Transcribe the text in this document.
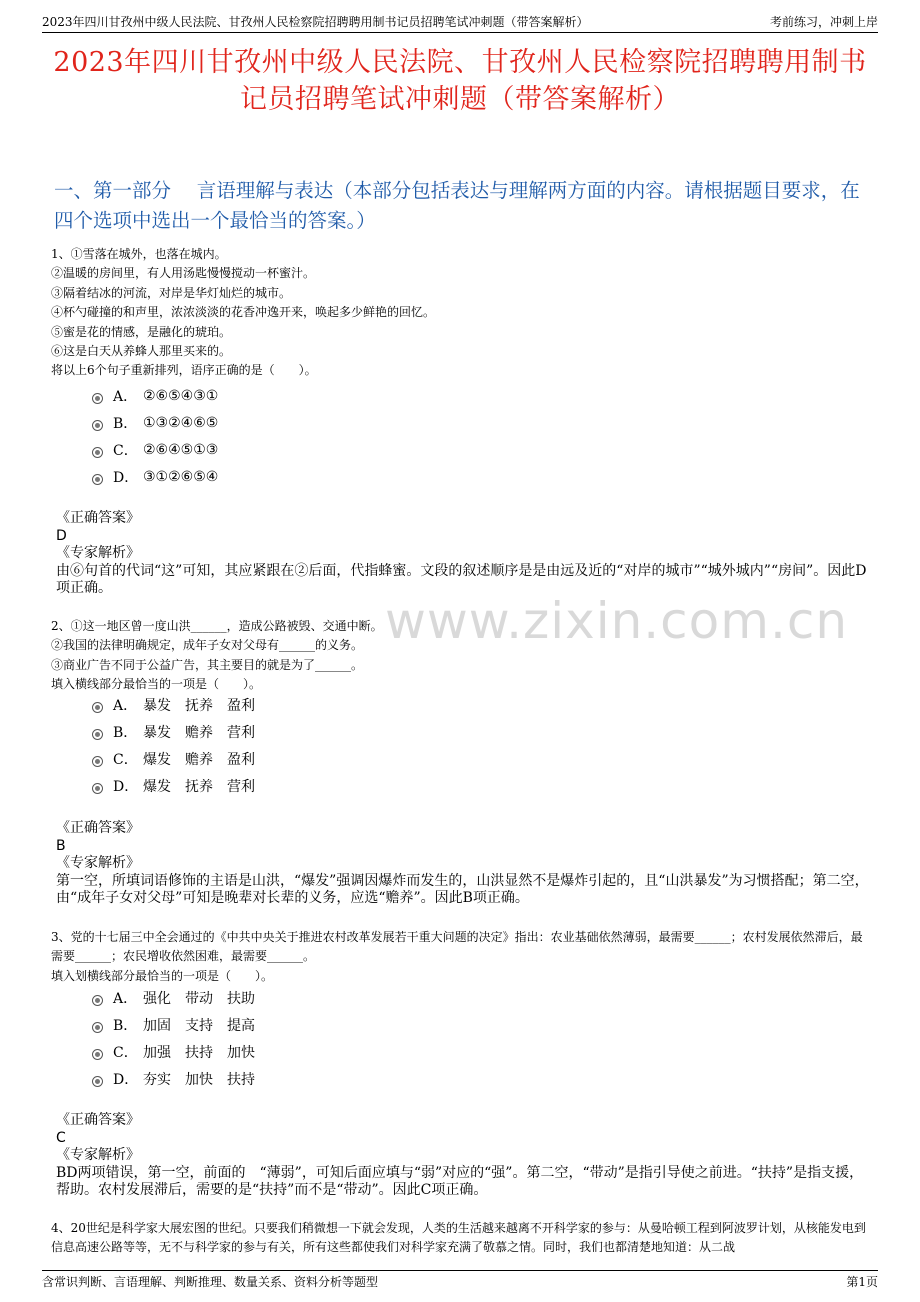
2023年四川甘孜州中级人民法院、甘孜州人民检察院招聘聘用制书记员招聘笔试冲刺题（带答案解析）	考前练习，冲刺上岸
2023年四川甘孜州中级人民法院、甘孜州人民检察院招聘聘用制书记员招聘笔试冲刺题（带答案解析）
一、第一部分　 言语理解与表达（本部分包括表达与理解两方面的内容。请根据题目要求，在四个选项中选出一个最恰当的答案。）
www.zixin.com.cn

1、①雪落在城外，也落在城内。

②温暖的房间里，有人用汤匙慢慢搅动一杯蜜汁。

③隔着结冰的河流，对岸是华灯灿烂的城市。

④杯勺碰撞的和声里，浓浓淡淡的花香冲逸开来，唤起多少鲜艳的回忆。

⑤蜜是花的情感，是融化的琥珀。

⑥这是白天从养蜂人那里买来的。

将以上6个句子重新排列，语序正确的是（　　）。

A． ②⑥⑤④③①
B． ①③②④⑥⑤
C． ②⑥④⑤①③
D． ③①②⑥⑤④

《正确答案》

D

《专家解析》

由⑥句首的代词“这”可知，其应紧跟在②后面，代指蜂蜜。文段的叙述顺序是是由远及近的“对岸的城市”“城外城内”“房间”。因此D项正确。

2、①这一地区曾一度山洪______，造成公路被毁、交通中断。

②我国的法律明确规定，成年子女对父母有______的义务。

③商业广告不同于公益广告，其主要目的就是为了______。

填入横线部分最恰当的一项是（　　）。

A． 暴发　抚养　盈利
B． 暴发　赡养　营利
C． 爆发　赡养　盈利
D． 爆发　抚养　营利

《正确答案》

B

《专家解析》

第一空，所填词语修饰的主语是山洪，“爆发”强调因爆炸而发生的，山洪显然不是爆炸引起的，且“山洪暴发”为习惯搭配；第二空，由“成年子女对父母”可知是晚辈对长辈的义务，应选“赡养”。因此B项正确。

3、党的十七届三中全会通过的《中共中央关于推进农村改革发展若干重大问题的决定》指出：农业基础依然薄弱，最需要______；农村发展依然滞后，最需要______；农民增收依然困难，最需要______。

填入划横线部分最恰当的一项是（　　）。

A． 强化　带动　扶助
B． 加固　支持　提高
C． 加强　扶持　加快
D． 夯实　加快　扶持

《正确答案》

C

《专家解析》

BD两项错误，第一空，前面的　“薄弱”，可知后面应填与“弱”对应的“强”。第二空，“带动”是指引导使之前进。“扶持”是指支援，帮助。农村发展滞后，需要的是“扶持”而不是“带动”。因此C项正确。

4、20世纪是科学家大展宏图的世纪。只要我们稍微想一下就会发现，人类的生活越来越离不开科学家的参与：从曼哈顿工程到阿波罗计划，从核能发电到信息高速公路等等，无不与科学家的参与有关，所有这些都使我们对科学家充满了敬慕之情。同时，我们也都清楚地知道：从二战

含常识判断、言语理解、判断推理、数量关系、资料分析等题型	第1页
